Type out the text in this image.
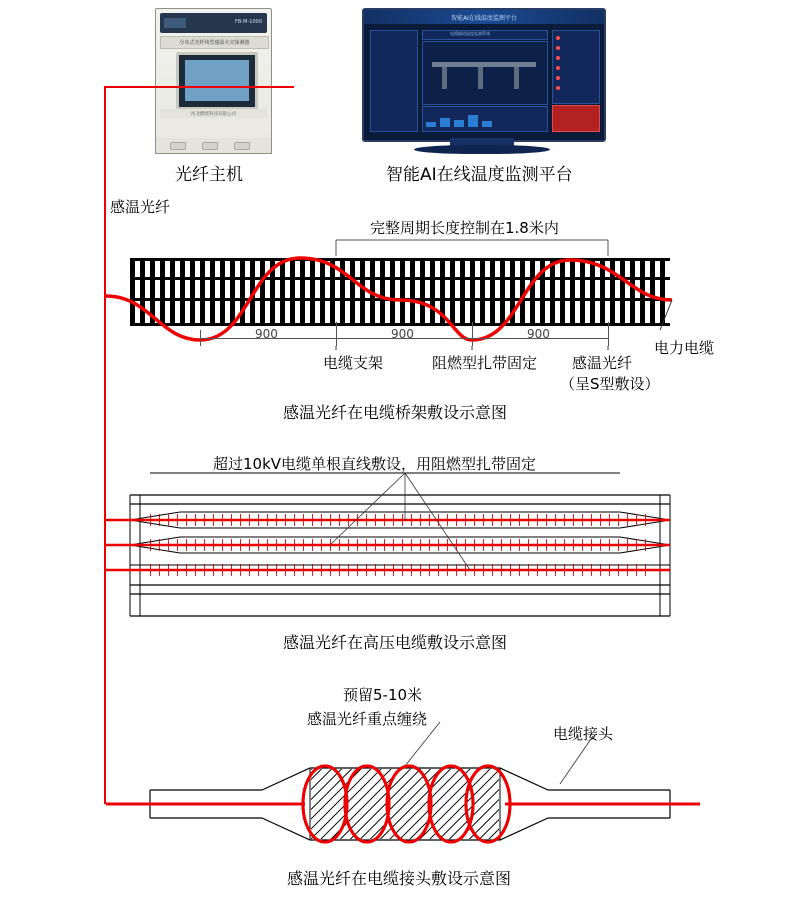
FB-M-1000
分布式光纤线型感温火灾探测器
河北燃烧科技有限公司
光纤主机
智能AI在线温度监测平台
电缆隧道温度监测系统
智能AI在线温度监测平台
感温光纤
完整周期长度控制在1.8米内
900	900	900
电缆支架	阻燃型扎带固定 感温光纤
（呈S型敷设）
电力电缆
感温光纤在电缆桥架敷设示意图
超过10kV电缆单根直线敷设，用阻燃型扎带固定
感温光纤在高压电缆敷设示意图
预留5-10米
感温光纤重点缠绕
电缆接头
感温光纤在电缆接头敷设示意图
